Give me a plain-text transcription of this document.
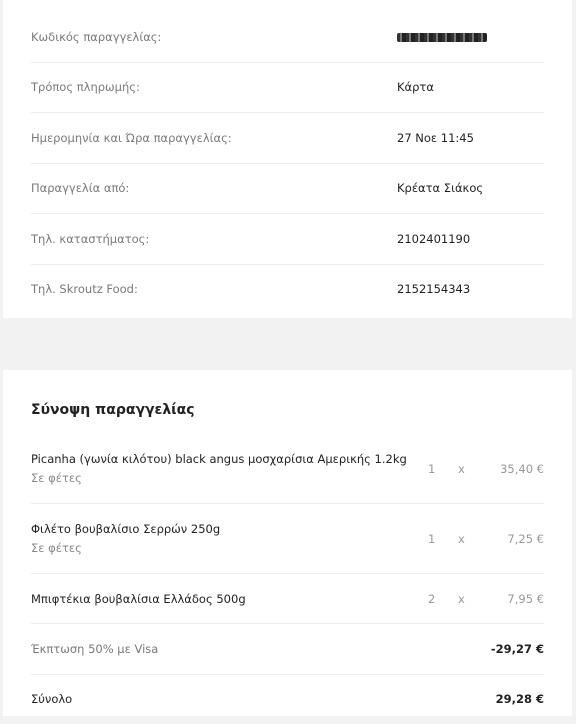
Κωδικός παραγγελίας:
Τρόπος πληρωμής:	Κάρτα
Ημερομηνία και Ώρα παραγγελίας:	27 Νοε 11:45
Παραγγελία από:	Κρέατα Σιάκος
Τηλ. καταστήματος:	2102401190
Τηλ. Skroutz Food:	2152154343
Σύνοψη παραγγελίας
Picanha (γωνία κιλότου) black angus μοσχαρίσια Αμερικής 1.2kg
Σε φέτες
1	x	35,40 €
Φιλέτο βουβαλίσιο Σερρών 250g
Σε φέτες
1	x	7,25 €
Μπιφτέκια βουβαλίσια Ελλάδος 500g	2	x	7,95 €
Έκπτωση 50% με Visa	-29,27 €
Σύνολο	29,28 €
